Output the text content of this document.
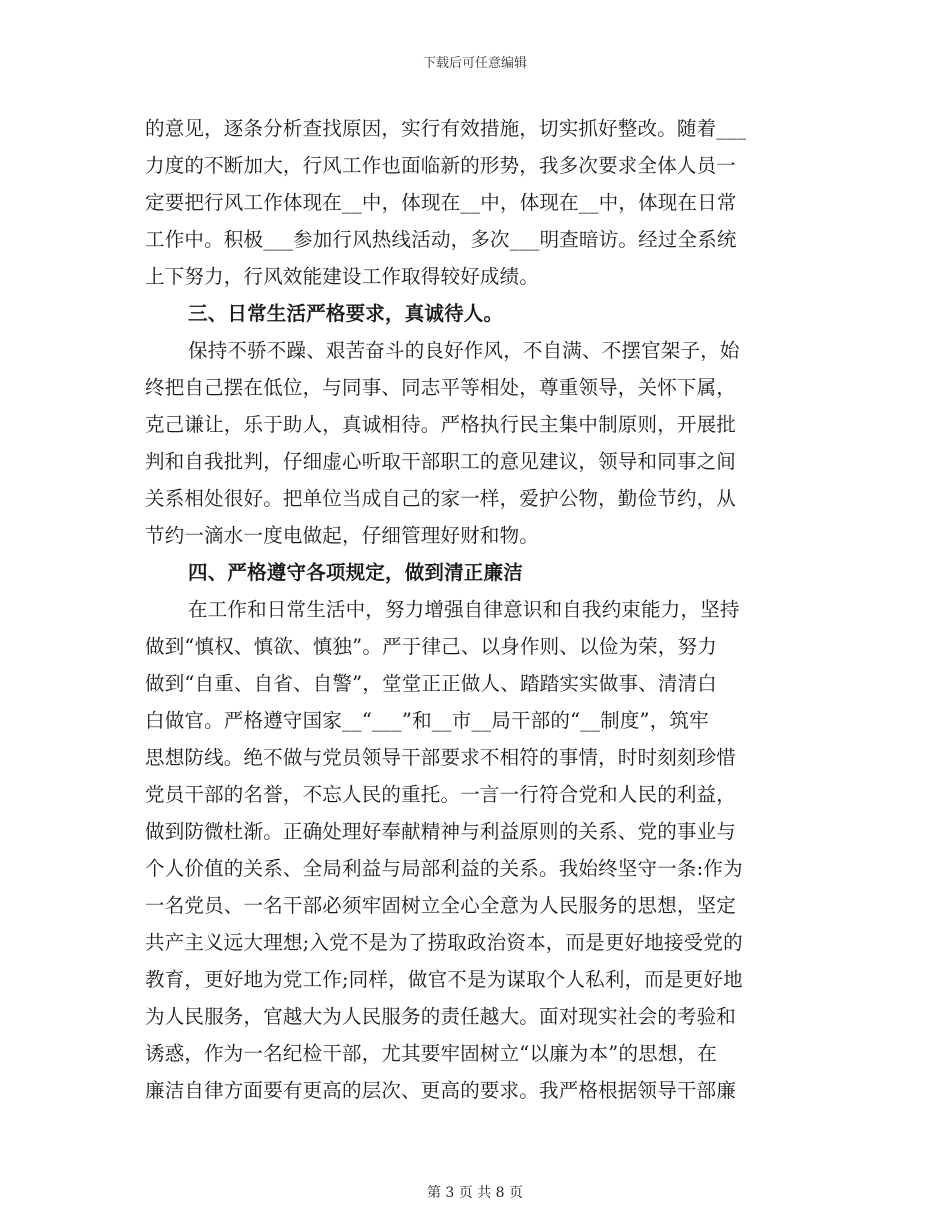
下载后可任意编辑
的意见，逐条分析查找原因，实行有效措施，切实抓好整改。随着___
力度的不断加大，行风工作也面临新的形势，我多次要求全体人员一
定要把行风工作体现在__中，体现在__中，体现在__中，体现在日常
工作中。积极___参加行风热线活动，多次___明查暗访。经过全系统
上下努力，行风效能建设工作取得较好成绩。
三、日常生活严格要求，真诚待人。
保持不骄不躁、艰苦奋斗的良好作风，不自满、不摆官架子，始
终把自己摆在低位，与同事、同志平等相处，尊重领导，关怀下属，
克己谦让，乐于助人，真诚相待。严格执行民主集中制原则，开展批
判和自我批判，仔细虚心听取干部职工的意见建议，领导和同事之间
关系相处很好。把单位当成自己的家一样，爱护公物，勤俭节约，从
节约一滴水一度电做起，仔细管理好财和物。
四、严格遵守各项规定，做到清正廉洁
在工作和日常生活中，努力增强自律意识和自我约束能力，坚持
做到“慎权、慎欲、慎独”。严于律己、以身作则、以俭为荣，努力
做到“自重、自省、自警”，堂堂正正做人、踏踏实实做事、清清白
白做官。严格遵守国家__“___”和__市__局干部的“__制度”，筑牢
思想防线。绝不做与党员领导干部要求不相符的事情，时时刻刻珍惜
党员干部的名誉，不忘人民的重托。一言一行符合党和人民的利益，
做到防微杜渐。正确处理好奉献精神与利益原则的关系、党的事业与
个人价值的关系、全局利益与局部利益的关系。我始终坚守一条:作为
一名党员、一名干部必须牢固树立全心全意为人民服务的思想，坚定
共产主义远大理想;入党不是为了捞取政治资本，而是更好地接受党的
教育，更好地为党工作;同样，做官不是为谋取个人私利，而是更好地
为人民服务，官越大为人民服务的责任越大。面对现实社会的考验和
诱惑，作为一名纪检干部，尤其要牢固树立“以廉为本”的思想，在
廉洁自律方面要有更高的层次、更高的要求。我严格根据领导干部廉
第 3 页 共 8 页
